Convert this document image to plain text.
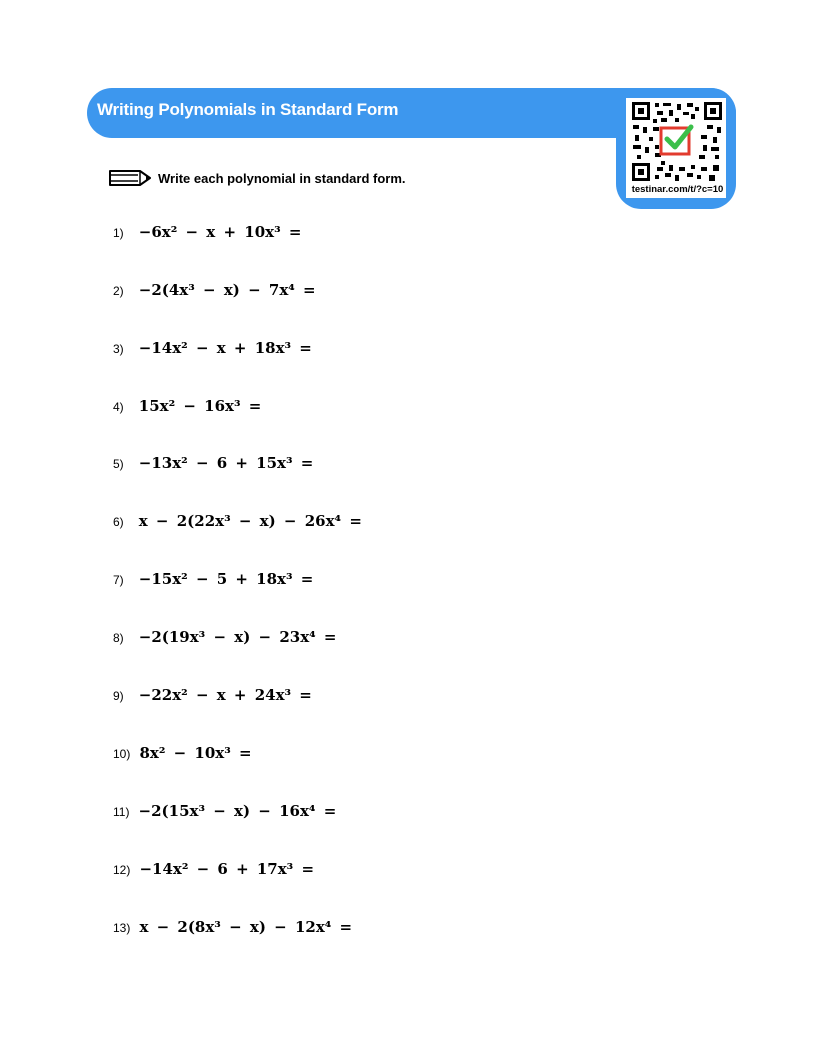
Writing Polynomials in Standard Form
testinar.com/t/?c=10
Write each polynomial in standard form.
1) −6x² − x + 10x³ =
2) −2(4x³ − x) − 7x⁴ =
3) −14x² − x + 18x³ =
4) 15x² − 16x³ =
5) −13x² − 6 + 15x³ =
6) x − 2(22x³ − x) − 26x⁴ =
7) −15x² − 5 + 18x³ =
8) −2(19x³ − x) − 23x⁴ =
9) −22x² − x + 24x³ =
10) 8x² − 10x³ =
11) −2(15x³ − x) − 16x⁴ =
12) −14x² − 6 + 17x³ =
13) x − 2(8x³ − x) − 12x⁴ =
